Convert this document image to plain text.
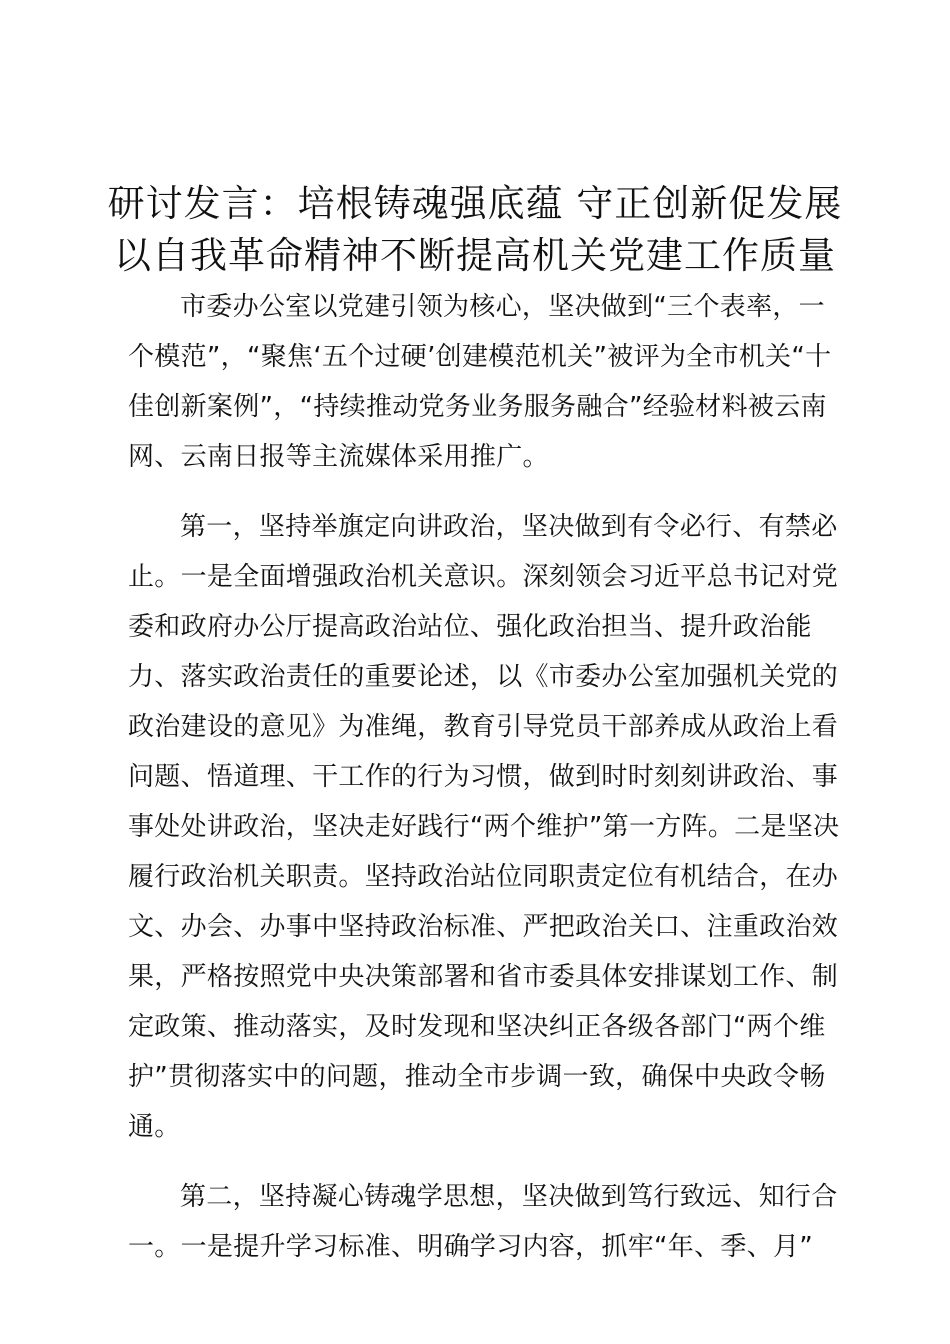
研讨发言：培根铸魂强底蕴 守正创新促发展
以自我革命精神不断提高机关党建工作质量

市委办公室以党建引领为核心，坚决做到“三个表率，一个模范”，“聚焦‘五个过硬’创建模范机关”被评为全市机关“十佳创新案例”，“持续推动党务业务服务融合”经验材料被云南网、云南日报等主流媒体采用推广。

第一，坚持举旗定向讲政治，坚决做到有令必行、有禁必止。一是全面增强政治机关意识。深刻领会习近平总书记对党委和政府办公厅提高政治站位、强化政治担当、提升政治能力、落实政治责任的重要论述，以《市委办公室加强机关党的政治建设的意见》为准绳，教育引导党员干部养成从政治上看问题、悟道理、干工作的行为习惯，做到时时刻刻讲政治、事事处处讲政治，坚决走好践行“两个维护”第一方阵。二是坚决履行政治机关职责。坚持政治站位同职责定位有机结合，在办文、办会、办事中坚持政治标准、严把政治关口、注重政治效果，严格按照党中央决策部署和省市委具体安排谋划工作、制定政策、推动落实，及时发现和坚决纠正各级各部门“两个维护”贯彻落实中的问题，推动全市步调一致，确保中央政令畅通。

第二，坚持凝心铸魂学思想，坚决做到笃行致远、知行合一。一是提升学习标准、明确学习内容，抓牢“年、季、月”
